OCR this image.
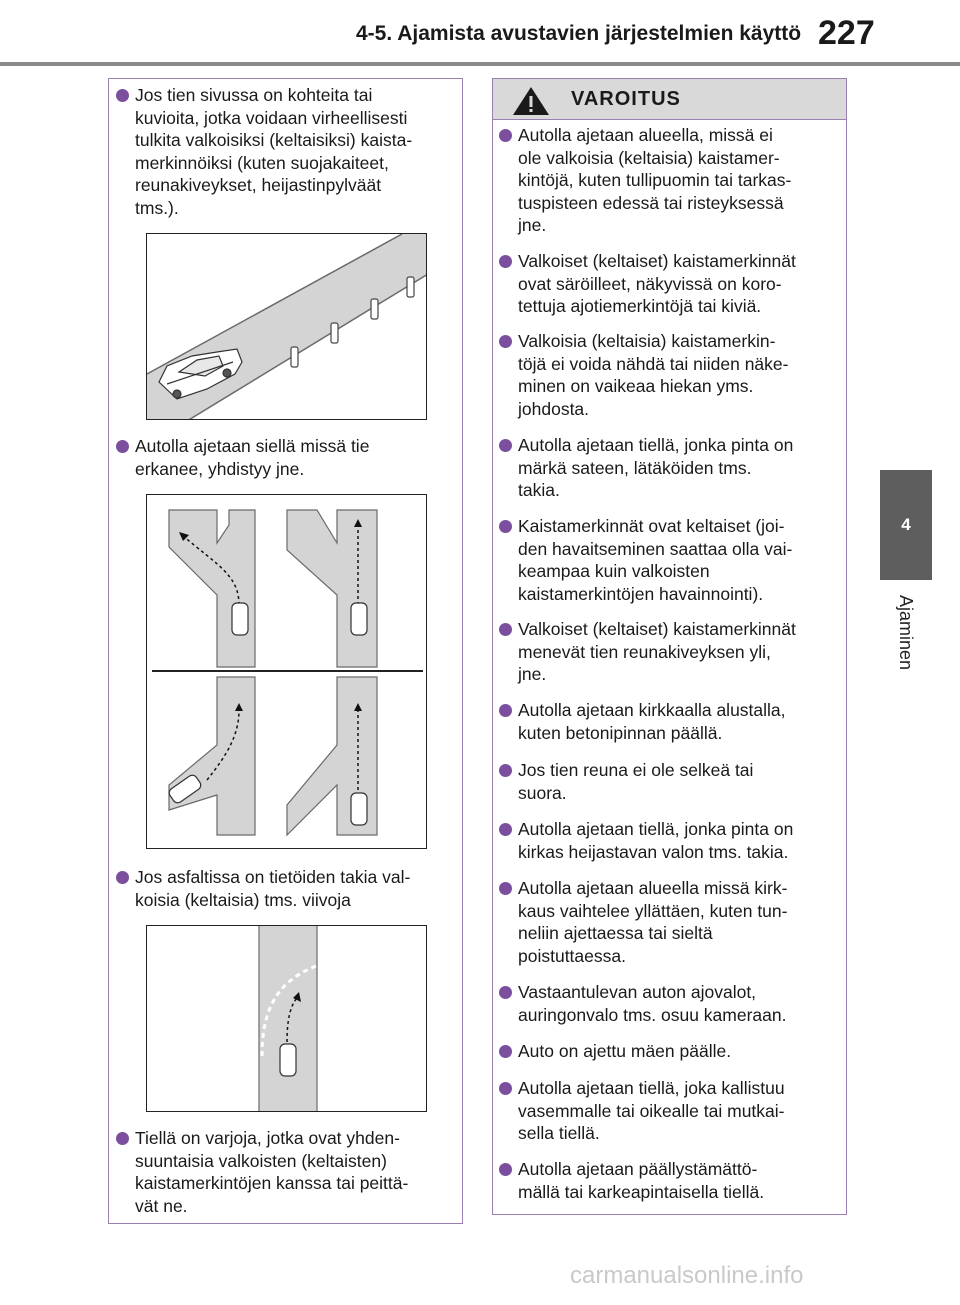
4-5. Ajamista avustavien järjestelmien käyttö 227
4
Ajaminen
Jos tien sivussa on kohteita tai
kuvioita, jotka voidaan virheellisesti
tulkita valkoisiksi (keltaisiksi) kaista-
merkinnöiksi (kuten suojakaiteet,
reunakiveykset, heijastinpylväät
tms.).
Autolla ajetaan siellä missä tie
erkanee, yhdistyy jne.
Jos asfaltissa on tietöiden takia val-
koisia (keltaisia) tms. viivoja
Tiellä on varjoja, jotka ovat yhden-
suuntaisia valkoisten (keltaisten)
kaistamerkintöjen kanssa tai peittä-
vät ne.
VAROITUS
Autolla ajetaan alueella, missä ei
ole valkoisia (keltaisia) kaistamer-
kintöjä, kuten tullipuomin tai tarkas-
tuspisteen edessä tai risteyksessä
jne.
Valkoiset (keltaiset) kaistamerkinnät
ovat säröilleet, näkyvissä on koro-
tettuja ajotiemerkintöjä tai kiviä.
Valkoisia (keltaisia) kaistamerkin-
töjä ei voida nähdä tai niiden näke-
minen on vaikeaa hiekan yms.
johdosta.
Autolla ajetaan tiellä, jonka pinta on
märkä sateen, lätäköiden tms.
takia.
Kaistamerkinnät ovat keltaiset (joi-
den havaitseminen saattaa olla vai-
keampaa kuin valkoisten
kaistamerkintöjen havainnointi).
Valkoiset (keltaiset) kaistamerkinnät
menevät tien reunakiveyksen yli,
jne.
Autolla ajetaan kirkkaalla alustalla,
kuten betonipinnan päällä.
Jos tien reuna ei ole selkeä tai
suora.
Autolla ajetaan tiellä, jonka pinta on
kirkas heijastavan valon tms. takia.
Autolla ajetaan alueella missä kirk-
kaus vaihtelee yllättäen, kuten tun-
neliin ajettaessa tai sieltä
poistuttaessa.
Vastaantulevan auton ajovalot,
auringonvalo tms. osuu kameraan.
Auto on ajettu mäen päälle.
Autolla ajetaan tiellä, joka kallistuu
vasemmalle tai oikealle tai mutkai-
sella tiellä.
Autolla ajetaan päällystämättö-
mällä tai karkeapintaisella tiellä.
carmanualsonline.info
